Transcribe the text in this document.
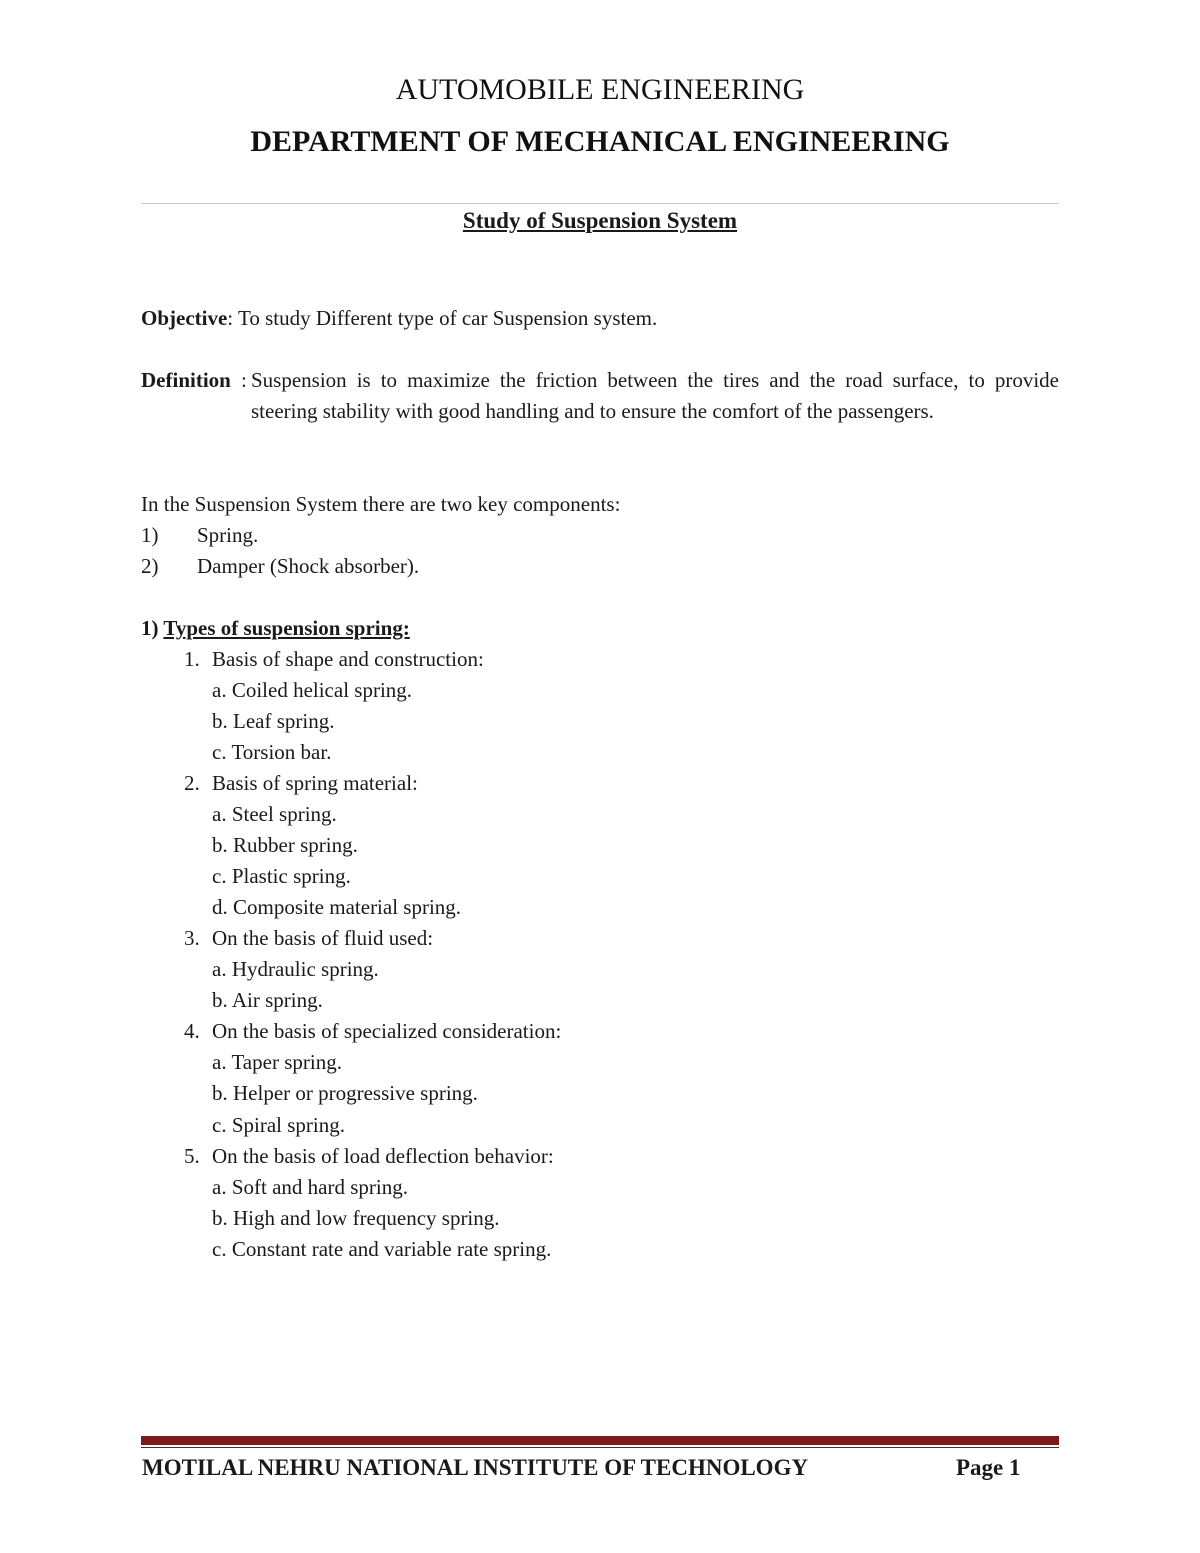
AUTOMOBILE ENGINEERING
DEPARTMENT OF MECHANICAL ENGINEERING
Study of Suspension System
Objective: To study Different type of car Suspension system.
Definition : Suspension is to maximize the friction between the tires and the road surface, to provide steering stability with good handling and to ensure the comfort of the passengers.
In the Suspension System there are two key components:
1) Spring.
2) Damper (Shock absorber).
1) Types of suspension spring:
1. Basis of shape and construction:
a. Coiled helical spring.
b. Leaf spring.
c. Torsion bar.
2. Basis of spring material:
a. Steel spring.
b. Rubber spring.
c. Plastic spring.
d. Composite material spring.
3. On the basis of fluid used:
a. Hydraulic spring.
b. Air spring.
4. On the basis of specialized consideration:
a. Taper spring.
b. Helper or progressive spring.
c. Spiral spring.
5. On the basis of load deflection behavior:
a. Soft and hard spring.
b. High and low frequency spring.
c. Constant rate and variable rate spring.
MOTILAL NEHRU NATIONAL INSTITUTE OF TECHNOLOGY	Page 1
